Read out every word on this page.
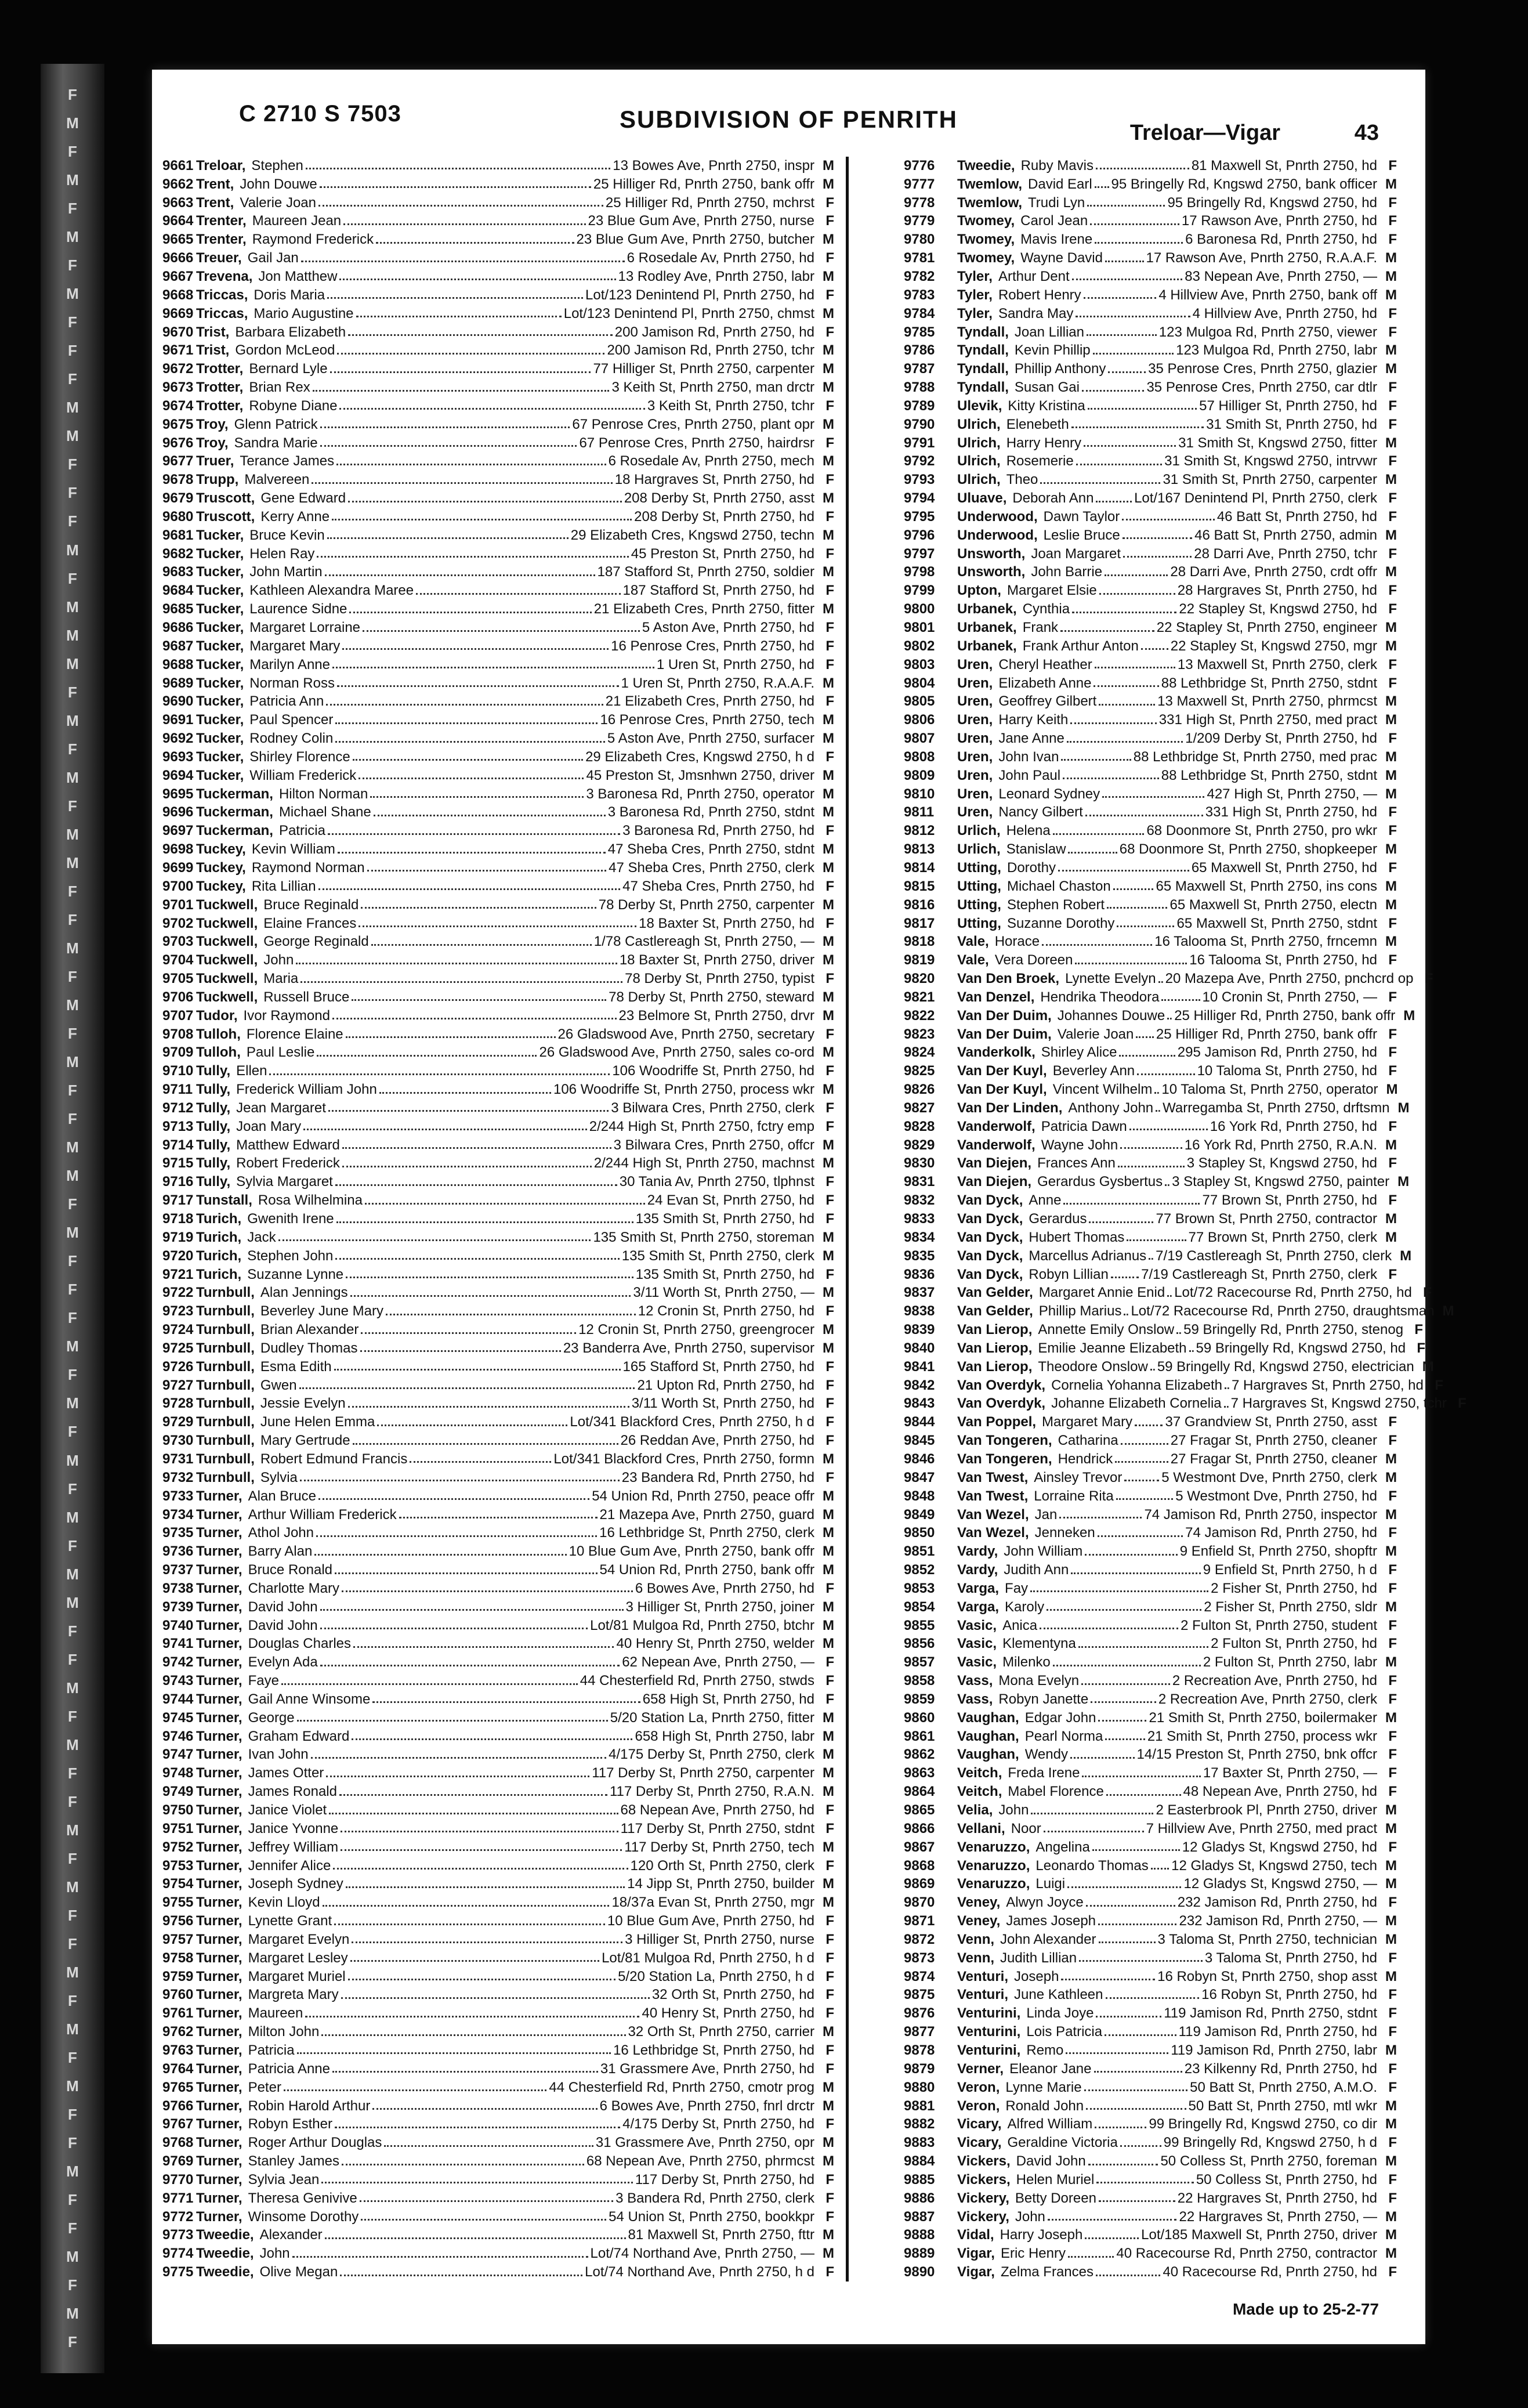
F
M
F
M
F
M
F
M
F
F
F
M
M
F
F
F
M
F
M
M
M
F
M
F
M
F
M
M
F
F
M
F
M
F
M
F
F
M
M
F
M
F
F
F
M
F
M
F
M
F
M
F
M
M
F
F
M
F
M
F
F
M
F
M
F
F
M
F
M
F
M
F
F
M
F
F
M
F
M
F
C 2710 S 7503	SUBDIVISION OF PENRITH	Treloar—Vigar	43
9661 Treloar, Stephen	13 Bowes Ave, Pnrth 2750, inspr M
9662 Trent, John Douwe	25 Hilliger Rd, Pnrth 2750, bank offr M
9663 Trent, Valerie Joan	25 Hilliger Rd, Pnrth 2750, mchrst F
9664 Trenter, Maureen Jean	23 Blue Gum Ave, Pnrth 2750, nurse F
9665 Trenter, Raymond Frederick	23 Blue Gum Ave, Pnrth 2750, butcher M
9666 Treuer, Gail Jan	6 Rosedale Av, Pnrth 2750, hd F
9667 Trevena, Jon Matthew	13 Rodley Ave, Pnrth 2750, labr M
9668 Triccas, Doris Maria	Lot/123 Denintend Pl, Pnrth 2750, hd F
9669 Triccas, Mario Augustine	Lot/123 Denintend Pl, Pnrth 2750, chmst M
9670 Trist, Barbara Elizabeth	200 Jamison Rd, Pnrth 2750, hd F
9671 Trist, Gordon McLeod	200 Jamison Rd, Pnrth 2750, tchr M
9672 Trotter, Bernard Lyle	77 Hilliger St, Pnrth 2750, carpenter M
9673 Trotter, Brian Rex	3 Keith St, Pnrth 2750, man drctr M
9674 Trotter, Robyne Diane	3 Keith St, Pnrth 2750, tchr F
9675 Troy, Glenn Patrick	67 Penrose Cres, Pnrth 2750, plant opr M
9676 Troy, Sandra Marie	67 Penrose Cres, Pnrth 2750, hairdrsr F
9677 Truer, Terance James	6 Rosedale Av, Pnrth 2750, mech M
9678 Trupp, Malvereen	18 Hargraves St, Pnrth 2750, hd F
9679 Truscott, Gene Edward	208 Derby St, Pnrth 2750, asst M
9680 Truscott, Kerry Anne	208 Derby St, Pnrth 2750, hd F
9681 Tucker, Bruce Kevin	29 Elizabeth Cres, Kngswd 2750, techn M
9682 Tucker, Helen Ray	45 Preston St, Pnrth 2750, hd F
9683 Tucker, John Martin	187 Stafford St, Pnrth 2750, soldier M
9684 Tucker, Kathleen Alexandra Maree	187 Stafford St, Pnrth 2750, hd F
9685 Tucker, Laurence Sidne	21 Elizabeth Cres, Pnrth 2750, fitter M
9686 Tucker, Margaret Lorraine	5 Aston Ave, Pnrth 2750, hd F
9687 Tucker, Margaret Mary	16 Penrose Cres, Pnrth 2750, hd F
9688 Tucker, Marilyn Anne	1 Uren St, Pnrth 2750, hd F
9689 Tucker, Norman Ross	1 Uren St, Pnrth 2750, R.A.A.F. M
9690 Tucker, Patricia Ann	21 Elizabeth Cres, Pnrth 2750, hd F
9691 Tucker, Paul Spencer	16 Penrose Cres, Pnrth 2750, tech M
9692 Tucker, Rodney Colin	5 Aston Ave, Pnrth 2750, surfacer M
9693 Tucker, Shirley Florence	29 Elizabeth Cres, Kngswd 2750, h d F
9694 Tucker, William Frederick	45 Preston St, Jmsnhwn 2750, driver M
9695 Tuckerman, Hilton Norman	3 Baronesa Rd, Pnrth 2750, operator M
9696 Tuckerman, Michael Shane	3 Baronesa Rd, Pnrth 2750, stdnt M
9697 Tuckerman, Patricia	3 Baronesa Rd, Pnrth 2750, hd F
9698 Tuckey, Kevin William	47 Sheba Cres, Pnrth 2750, stdnt M
9699 Tuckey, Raymond Norman	47 Sheba Cres, Pnrth 2750, clerk M
9700 Tuckey, Rita Lillian	47 Sheba Cres, Pnrth 2750, hd F
9701 Tuckwell, Bruce Reginald	78 Derby St, Pnrth 2750, carpenter M
9702 Tuckwell, Elaine Frances	18 Baxter St, Pnrth 2750, hd F
9703 Tuckwell, George Reginald	1/78 Castlereagh St, Pnrth 2750, — M
9704 Tuckwell, John	18 Baxter St, Pnrth 2750, driver M
9705 Tuckwell, Maria	78 Derby St, Pnrth 2750, typist F
9706 Tuckwell, Russell Bruce	78 Derby St, Pnrth 2750, steward M
9707 Tudor, Ivor Raymond	23 Belmore St, Pnrth 2750, drvr M
9708 Tulloh, Florence Elaine	26 Gladswood Ave, Pnrth 2750, secretary F
9709 Tulloh, Paul Leslie	26 Gladswood Ave, Pnrth 2750, sales co-ord M
9710 Tully, Ellen	106 Woodriffe St, Pnrth 2750, hd F
9711 Tully, Frederick William John	106 Woodriffe St, Pnrth 2750, process wkr M
9712 Tully, Jean Margaret	3 Bilwara Cres, Pnrth 2750, clerk F
9713 Tully, Joan Mary	2/244 High St, Pnrth 2750, fctry emp F
9714 Tully, Matthew Edward	3 Bilwara Cres, Pnrth 2750, offcr M
9715 Tully, Robert Frederick	2/244 High St, Pnrth 2750, machnst M
9716 Tully, Sylvia Margaret	30 Tania Av, Pnrth 2750, tlphnst F
9717 Tunstall, Rosa Wilhelmina	24 Evan St, Pnrth 2750, hd F
9718 Turich, Gwenith Irene	135 Smith St, Pnrth 2750, hd F
9719 Turich, Jack	135 Smith St, Pnrth 2750, storeman M
9720 Turich, Stephen John	135 Smith St, Pnrth 2750, clerk M
9721 Turich, Suzanne Lynne	135 Smith St, Pnrth 2750, hd F
9722 Turnbull, Alan Jennings	3/11 Worth St, Pnrth 2750, — M
9723 Turnbull, Beverley June Mary	12 Cronin St, Pnrth 2750, hd F
9724 Turnbull, Brian Alexander	12 Cronin St, Pnrth 2750, greengrocer M
9725 Turnbull, Dudley Thomas	23 Banderra Ave, Pnrth 2750, supervisor M
9726 Turnbull, Esma Edith	165 Stafford St, Pnrth 2750, hd F
9727 Turnbull, Gwen	21 Upton Rd, Pnrth 2750, hd F
9728 Turnbull, Jessie Evelyn	3/11 Worth St, Pnrth 2750, hd F
9729 Turnbull, June Helen Emma	Lot/341 Blackford Cres, Pnrth 2750, h d F
9730 Turnbull, Mary Gertrude	26 Reddan Ave, Pnrth 2750, hd F
9731 Turnbull, Robert Edmund Francis	Lot/341 Blackford Cres, Pnrth 2750, formn M
9732 Turnbull, Sylvia	23 Bandera Rd, Pnrth 2750, hd F
9733 Turner, Alan Bruce	54 Union Rd, Pnrth 2750, peace offr M
9734 Turner, Arthur William Frederick	21 Mazepa Ave, Pnrth 2750, guard M
9735 Turner, Athol John	16 Lethbridge St, Pnrth 2750, clerk M
9736 Turner, Barry Alan	10 Blue Gum Ave, Pnrth 2750, bank offr M
9737 Turner, Bruce Ronald	54 Union Rd, Pnrth 2750, bank offr M
9738 Turner, Charlotte Mary	6 Bowes Ave, Pnrth 2750, hd F
9739 Turner, David John	3 Hilliger St, Pnrth 2750, joiner M
9740 Turner, David John	Lot/81 Mulgoa Rd, Pnrth 2750, btchr M
9741 Turner, Douglas Charles	40 Henry St, Pnrth 2750, welder M
9742 Turner, Evelyn Ada	62 Nepean Ave, Pnrth 2750, — F
9743 Turner, Faye	44 Chesterfield Rd, Pnrth 2750, stwds F
9744 Turner, Gail Anne Winsome	658 High St, Pnrth 2750, hd F
9745 Turner, George	5/20 Station La, Pnrth 2750, fitter M
9746 Turner, Graham Edward	658 High St, Pnrth 2750, labr M
9747 Turner, Ivan John	4/175 Derby St, Pnrth 2750, clerk M
9748 Turner, James Otter	117 Derby St, Pnrth 2750, carpenter M
9749 Turner, James Ronald	117 Derby St, Pnrth 2750, R.A.N. M
9750 Turner, Janice Violet	68 Nepean Ave, Pnrth 2750, hd F
9751 Turner, Janice Yvonne	117 Derby St, Pnrth 2750, stdnt F
9752 Turner, Jeffrey William	117 Derby St, Pnrth 2750, tech M
9753 Turner, Jennifer Alice	120 Orth St, Pnrth 2750, clerk F
9754 Turner, Joseph Sydney	14 Jipp St, Pnrth 2750, builder M
9755 Turner, Kevin Lloyd	18/37a Evan St, Pnrth 2750, mgr M
9756 Turner, Lynette Grant	10 Blue Gum Ave, Pnrth 2750, hd F
9757 Turner, Margaret Evelyn	3 Hilliger St, Pnrth 2750, nurse F
9758 Turner, Margaret Lesley	Lot/81 Mulgoa Rd, Pnrth 2750, h d F
9759 Turner, Margaret Muriel	5/20 Station La, Pnrth 2750, h d F
9760 Turner, Margreta Mary	32 Orth St, Pnrth 2750, hd F
9761 Turner, Maureen	40 Henry St, Pnrth 2750, hd F
9762 Turner, Milton John	32 Orth St, Pnrth 2750, carrier M
9763 Turner, Patricia	16 Lethbridge St, Pnrth 2750, hd F
9764 Turner, Patricia Anne	31 Grassmere Ave, Pnrth 2750, hd F
9765 Turner, Peter	44 Chesterfield Rd, Pnrth 2750, cmotr prog M
9766 Turner, Robin Harold Arthur	6 Bowes Ave, Pnrth 2750, fnrl drctr M
9767 Turner, Robyn Esther	4/175 Derby St, Pnrth 2750, hd F
9768 Turner, Roger Arthur Douglas	31 Grassmere Ave, Pnrth 2750, opr M
9769 Turner, Stanley James	68 Nepean Ave, Pnrth 2750, phrmcst M
9770 Turner, Sylvia Jean	117 Derby St, Pnrth 2750, hd F
9771 Turner, Theresa Genivive	3 Bandera Rd, Pnrth 2750, clerk F
9772 Turner, Winsome Dorothy	54 Union St, Pnrth 2750, bookkpr F
9773 Tweedie, Alexander	81 Maxwell St, Pnrth 2750, fttr M
9774 Tweedie, John	Lot/74 Northand Ave, Pnrth 2750, — M
9775 Tweedie, Olive Megan	Lot/74 Northand Ave, Pnrth 2750, h d F
9776	Tweedie, Ruby Mavis	81 Maxwell St, Pnrth 2750, hd F
9777	Twemlow, David Earl 95 Bringelly Rd, Kngswd 2750, bank officer M
9778	Twemlow, Trudi Lyn	95 Bringelly Rd, Kngswd 2750, hd F
9779	Twomey, Carol Jean	17 Rawson Ave, Pnrth 2750, hd F
9780	Twomey, Mavis Irene	6 Baronesa Rd, Pnrth 2750, hd F
9781	Twomey, Wayne David	17 Rawson Ave, Pnrth 2750, R.A.A.F. M
9782	Tyler, Arthur Dent	83 Nepean Ave, Pnrth 2750, — M
9783	Tyler, Robert Henry	4 Hillview Ave, Pnrth 2750, bank off M
9784	Tyler, Sandra May	4 Hillview Ave, Pnrth 2750, hd F
9785	Tyndall, Joan Lillian	123 Mulgoa Rd, Pnrth 2750, viewer F
9786	Tyndall, Kevin Phillip	123 Mulgoa Rd, Pnrth 2750, labr M
9787	Tyndall, Phillip Anthony	35 Penrose Cres, Pnrth 2750, glazier M
9788	Tyndall, Susan Gai	35 Penrose Cres, Pnrth 2750, car dtlr F
9789	Ulevik, Kitty Kristina	57 Hilliger St, Pnrth 2750, hd F
9790	Ulrich, Elenebeth	31 Smith St, Pnrth 2750, hd F
9791	Ulrich, Harry Henry	31 Smith St, Kngswd 2750, fitter M
9792	Ulrich, Rosemerie	31 Smith St, Kngswd 2750, intrvwr F
9793	Ulrich, Theo	31 Smith St, Pnrth 2750, carpenter M
9794	Uluave, Deborah Ann	Lot/167 Denintend Pl, Pnrth 2750, clerk F
9795	Underwood, Dawn Taylor	46 Batt St, Pnrth 2750, hd F
9796	Underwood, Leslie Bruce	46 Batt St, Pnrth 2750, admin M
9797	Unsworth, Joan Margaret	28 Darri Ave, Pnrth 2750, tchr F
9798	Unsworth, John Barrie	28 Darri Ave, Pnrth 2750, crdt offr M
9799	Upton, Margaret Elsie	28 Hargraves St, Pnrth 2750, hd F
9800	Urbanek, Cynthia	22 Stapley St, Kngswd 2750, hd F
9801	Urbanek, Frank	22 Stapley St, Pnrth 2750, engineer M
9802	Urbanek, Frank Arthur Anton 22 Stapley St, Kngswd 2750, mgr M
9803	Uren, Cheryl Heather	13 Maxwell St, Pnrth 2750, clerk F
9804	Uren, Elizabeth Anne	88 Lethbridge St, Pnrth 2750, stdnt F
9805	Uren, Geoffrey Gilbert	13 Maxwell St, Pnrth 2750, phrmcst M
9806	Uren, Harry Keith	331 High St, Pnrth 2750, med pract M
9807	Uren, Jane Anne	1/209 Derby St, Pnrth 2750, hd F
9808	Uren, John Ivan	88 Lethbridge St, Pnrth 2750, med prac M
9809	Uren, John Paul	88 Lethbridge St, Pnrth 2750, stdnt M
9810	Uren, Leonard Sydney	427 High St, Pnrth 2750, — M
9811	Uren, Nancy Gilbert	331 High St, Pnrth 2750, hd F
9812	Urlich, Helena	68 Doonmore St, Pnrth 2750, pro wkr F
9813	Urlich, Stanislaw	68 Doonmore St, Pnrth 2750, shopkeeper M
9814	Utting, Dorothy	65 Maxwell St, Pnrth 2750, hd F
9815	Utting, Michael Chaston	65 Maxwell St, Pnrth 2750, ins cons M
9816	Utting, Stephen Robert	65 Maxwell St, Pnrth 2750, electn M
9817	Utting, Suzanne Dorothy	65 Maxwell St, Pnrth 2750, stdnt F
9818	Vale, Horace	16 Talooma St, Pnrth 2750, frncemn M
9819	Vale, Vera Doreen	16 Talooma St, Pnrth 2750, hd F
9820	Van Den Broek, Lynette Evelyn 20 Mazepa Ave, Pnrth 2750, pnchcrd op F
9821	Van Denzel, Hendrika Theodora	10 Cronin St, Pnrth 2750, — F
9822	Van Der Duim, Johannes Douwe 25 Hilliger Rd, Pnrth 2750, bank offr M
9823	Van Der Duim, Valerie Joan 25 Hilliger Rd, Pnrth 2750, bank offr F
9824	Vanderkolk, Shirley Alice	295 Jamison Rd, Pnrth 2750, hd F
9825	Van Der Kuyl, Beverley Ann	10 Taloma St, Pnrth 2750, hd F
9826	Van Der Kuyl, Vincent Wilhelm 10 Taloma St, Pnrth 2750, operator M
9827	Van Der Linden, Anthony John Warregamba St, Pnrth 2750, drftsmn M
9828	Vanderwolf, Patricia Dawn	16 York Rd, Pnrth 2750, hd F
9829	Vanderwolf, Wayne John	16 York Rd, Pnrth 2750, R.A.N. M
9830	Van Diejen, Frances Ann	3 Stapley St, Kngswd 2750, hd F
9831	Van Diejen, Gerardus Gysbertus 3 Stapley St, Kngswd 2750, painter M
9832	Van Dyck, Anne	77 Brown St, Pnrth 2750, hd F
9833	Van Dyck, Gerardus	77 Brown St, Pnrth 2750, contractor M
9834	Van Dyck, Hubert Thomas	77 Brown St, Pnrth 2750, clerk M
9835	Van Dyck, Marcellus Adrianus 7/19 Castlereagh St, Pnrth 2750, clerk M
9836	Van Dyck, Robyn Lillian 7/19 Castlereagh St, Pnrth 2750, clerk F
9837	Van Gelder, Margaret Annie Enid Lot/72 Racecourse Rd, Pnrth 2750, hd F
9838	Van Gelder, Phillip Marius Lot/72 Racecourse Rd, Pnrth 2750, draughtsman M
9839	Van Lierop, Annette Emily Onslow 59 Bringelly Rd, Pnrth 2750, stenog F
9840	Van Lierop, Emilie Jeanne Elizabeth 59 Bringelly Rd, Kngswd 2750, hd F
9841	Van Lierop, Theodore Onslow 59 Bringelly Rd, Kngswd 2750, electrician M
9842	Van Overdyk, Cornelia Yohanna Elizabeth 7 Hargraves St, Pnrth 2750, hd F
9843	Van Overdyk, Johanne Elizabeth Cornelia 7 Hargraves St, Kngswd 2750, tchr F
9844	Van Poppel, Margaret Mary 37 Grandview St, Pnrth 2750, asst F
9845	Van Tongeren, Catharina	27 Fragar St, Pnrth 2750, cleaner F
9846	Van Tongeren, Hendrick	27 Fragar St, Pnrth 2750, cleaner M
9847	Van Twest, Ainsley Trevor	5 Westmont Dve, Pnrth 2750, clerk M
9848	Van Twest, Lorraine Rita	5 Westmont Dve, Pnrth 2750, hd F
9849	Van Wezel, Jan	74 Jamison Rd, Pnrth 2750, inspector M
9850	Van Wezel, Jenneken	74 Jamison Rd, Pnrth 2750, hd F
9851	Vardy, John William	9 Enfield St, Pnrth 2750, shopftr M
9852	Vardy, Judith Ann	9 Enfield St, Pnrth 2750, h d F
9853	Varga, Fay	2 Fisher St, Pnrth 2750, hd F
9854	Varga, Karoly	2 Fisher St, Pnrth 2750, sldr M
9855	Vasic, Anica	2 Fulton St, Pnrth 2750, student F
9856	Vasic, Klementyna	2 Fulton St, Pnrth 2750, hd F
9857	Vasic, Milenko	2 Fulton St, Pnrth 2750, labr M
9858	Vass, Mona Evelyn	2 Recreation Ave, Pnrth 2750, hd F
9859	Vass, Robyn Janette	2 Recreation Ave, Pnrth 2750, clerk F
9860	Vaughan, Edgar John	21 Smith St, Pnrth 2750, boilermaker M
9861	Vaughan, Pearl Norma	21 Smith St, Pnrth 2750, process wkr F
9862	Vaughan, Wendy	14/15 Preston St, Pnrth 2750, bnk offcr F
9863	Veitch, Freda Irene	17 Baxter St, Pnrth 2750, — F
9864	Veitch, Mabel Florence	48 Nepean Ave, Pnrth 2750, hd F
9865	Velia, John	2 Easterbrook Pl, Pnrth 2750, driver M
9866	Vellani, Noor	7 Hillview Ave, Pnrth 2750, med pract M
9867	Venaruzzo, Angelina	12 Gladys St, Kngswd 2750, hd F
9868	Venaruzzo, Leonardo Thomas 12 Gladys St, Kngswd 2750, tech M
9869	Venaruzzo, Luigi	12 Gladys St, Kngswd 2750, — M
9870	Veney, Alwyn Joyce	232 Jamison Rd, Pnrth 2750, hd F
9871	Veney, James Joseph	232 Jamison Rd, Pnrth 2750, — M
9872	Venn, John Alexander	3 Taloma St, Pnrth 2750, technician M
9873	Venn, Judith Lillian	3 Taloma St, Pnrth 2750, hd F
9874	Venturi, Joseph	16 Robyn St, Pnrth 2750, shop asst M
9875	Venturi, June Kathleen	16 Robyn St, Pnrth 2750, hd F
9876	Venturini, Linda Joye	119 Jamison Rd, Pnrth 2750, stdnt F
9877	Venturini, Lois Patricia	119 Jamison Rd, Pnrth 2750, hd F
9878	Venturini, Remo	119 Jamison Rd, Pnrth 2750, labr M
9879	Verner, Eleanor Jane	23 Kilkenny Rd, Pnrth 2750, hd F
9880	Veron, Lynne Marie	50 Batt St, Pnrth 2750, A.M.O. F
9881	Veron, Ronald John	50 Batt St, Pnrth 2750, mtl wkr M
9882	Vicary, Alfred William	99 Bringelly Rd, Kngswd 2750, co dir M
9883	Vicary, Geraldine Victoria	99 Bringelly Rd, Kngswd 2750, h d F
9884	Vickers, David John	50 Colless St, Pnrth 2750, foreman M
9885	Vickers, Helen Muriel	50 Colless St, Pnrth 2750, hd F
9886	Vickery, Betty Doreen	22 Hargraves St, Pnrth 2750, hd F
9887	Vickery, John	22 Hargraves St, Pnrth 2750, — M
9888	Vidal, Harry Joseph	Lot/185 Maxwell St, Pnrth 2750, driver M
9889	Vigar, Eric Henry	40 Racecourse Rd, Pnrth 2750, contractor M
9890	Vigar, Zelma Frances	40 Racecourse Rd, Pnrth 2750, hd F
Made up to 25-2-77
